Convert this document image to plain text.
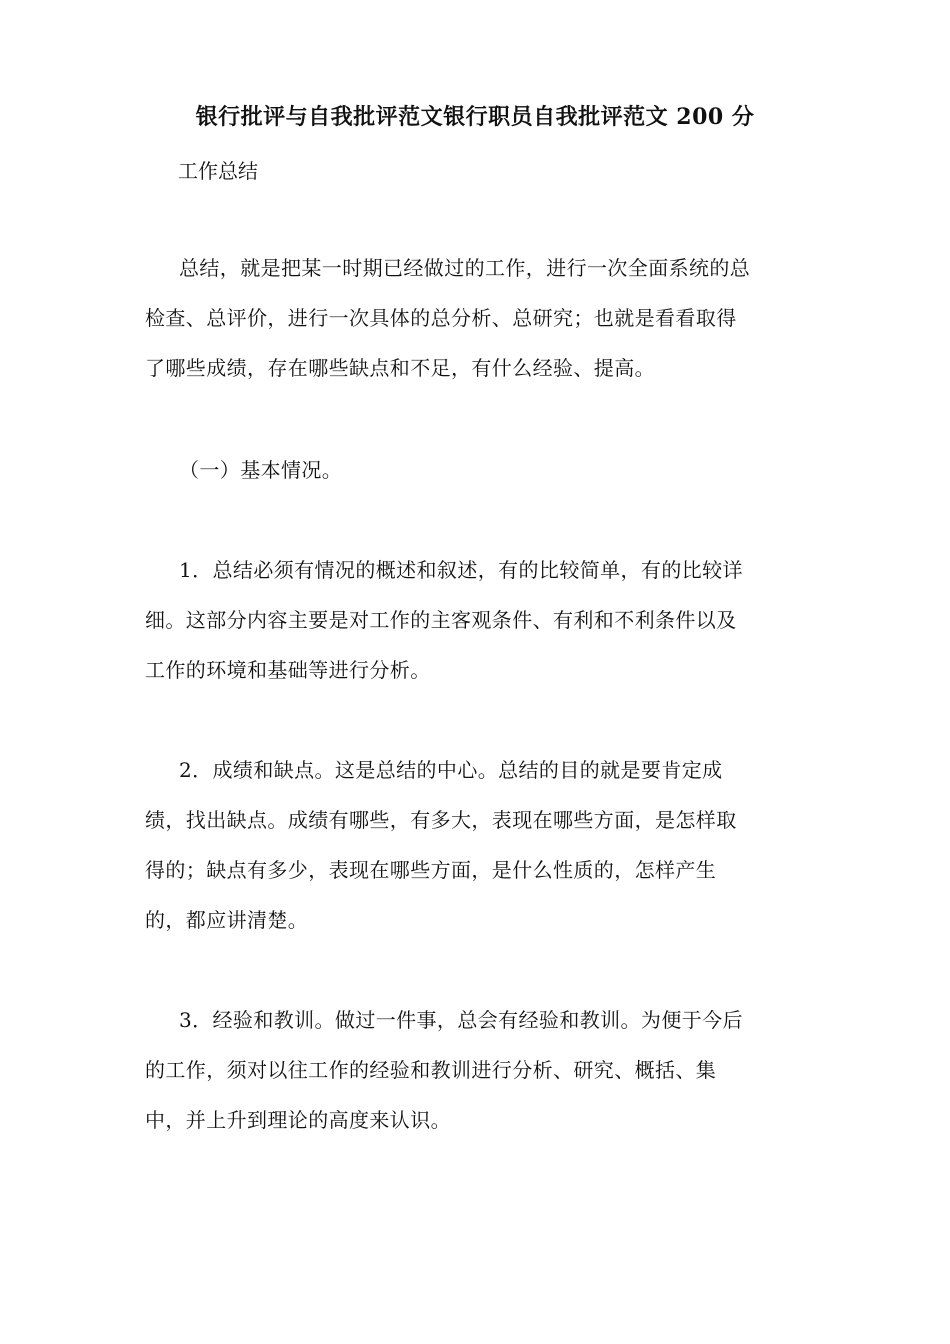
银行批评与自我批评范文银行职员自我批评范文 200 分
工作总结
总结，就是把某一时期已经做过的工作，进行一次全面系统的总
检查、总评价，进行一次具体的总分析、总研究；也就是看看取得
了哪些成绩，存在哪些缺点和不足，有什么经验、提高。
（一）基本情况。
1．总结必须有情况的概述和叙述，有的比较简单，有的比较详
细。这部分内容主要是对工作的主客观条件、有利和不利条件以及
工作的环境和基础等进行分析。
2．成绩和缺点。这是总结的中心。总结的目的就是要肯定成
绩，找出缺点。成绩有哪些，有多大，表现在哪些方面，是怎样取
得的；缺点有多少，表现在哪些方面，是什么性质的，怎样产生
的，都应讲清楚。
3．经验和教训。做过一件事，总会有经验和教训。为便于今后
的工作，须对以往工作的经验和教训进行分析、研究、概括、集
中，并上升到理论的高度来认识。
